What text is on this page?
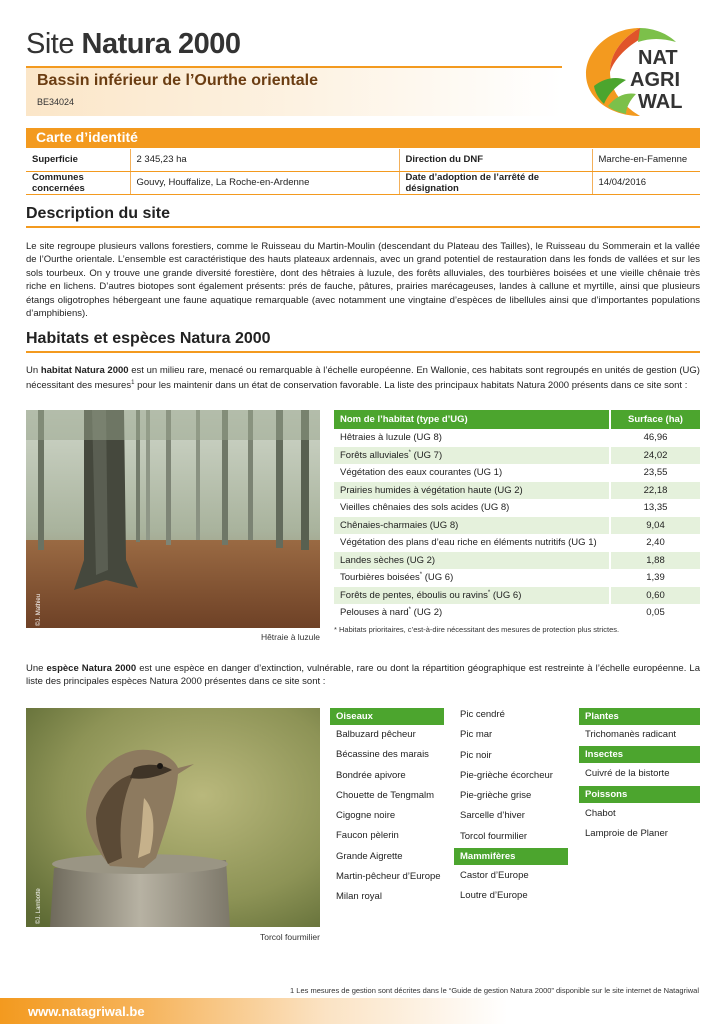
Site Natura 2000
Bassin inférieur de l’Ourthe orientale
BE34024
NAT
AGRI
WAL
Carte d’identité
Superficie	2 345,23 ha	Direction du DNF	Marche-en-Famenne
Communes concernées	Gouvy, Houffalize, La Roche-en-Ardenne	Date d’adoption de l’arrêté de désignation	14/04/2016
Description du site
Le site regroupe plusieurs vallons forestiers, comme le Ruisseau du Martin-Moulin (descendant du Plateau des Tailles), le Ruisseau du Sommerain et la vallée de l’Ourthe orientale. L’ensemble est caractéristique des hauts plateaux ardennais, avec un grand potentiel de restauration dans les fonds de vallées et sur les sols tourbeux. On y trouve une grande diversité forestière, dont des hêtraies à luzule, des forêts alluviales, des tourbières boisées et une vieille chênaie très riche en lichens. D’autres biotopes sont également présents: prés de fauche, pâtures, prairies marécageuses, landes à callune et myrtille, ainsi que plusieurs étangs oligotrophes hébergeant une faune aquatique remarquable (avec notamment une vingtaine d’espèces de libellules ainsi que d’importantes populations d’amphibiens).
Habitats et espèces Natura 2000
Un habitat Natura 2000 est un milieu rare, menacé ou remarquable à l’échelle européenne. En Wallonie, ces habitats sont regroupés en unités de gestion (UG) nécessitant des mesures$^1$ pour les maintenir dans un état de conservation favorable. La liste des principaux habitats Natura 2000 présents dans ce site sont :
©J. Mathieu
Hêtraie à luzule
Nom de l’habitat (type d’UG)	Surface (ha)
Hêtraies à luzule (UG 8)	46,96
Forêts alluviales* (UG 7)	24,02
Végétation des eaux courantes (UG 1)	23,55
Prairies humides à végétation haute (UG 2)	22,18
Vieilles chênaies des sols acides (UG 8)	13,35
Chênaies-charmaies (UG 8)	9,04
Végétation des plans d’eau riche en éléments nutritifs (UG 1)	2,40
Landes sèches (UG 2)	1,88
Tourbières boisées* (UG 6)	1,39
Forêts de pentes, éboulis ou ravins* (UG 6)	0,60
Pelouses à nard* (UG 2)	0,05
* Habitats prioritaires, c’est-à-dire nécessitant des mesures de protection plus strictes.
Une espèce Natura 2000 est une espèce en danger d’extinction, vulnérable, rare ou dont la répartition géographique est restreinte à l’échelle européenne. La liste des principales espèces Natura 2000 présentes dans ce site sont :
©J. Lambotte
Torcol fourmilier
Oiseaux
Balbuzard pêcheur
Bécassine des marais
Bondrée apivore
Chouette de Tengmalm
Cigogne noire
Faucon pèlerin
Grande Aigrette
Martin-pêcheur d’Europe
Milan royal
Pic cendré
Pic mar
Pic noir
Pie-grièche écorcheur
Pie-grièche grise
Sarcelle d’hiver
Torcol fourmilier
Mammifères
Castor d’Europe
Loutre d’Europe
Plantes
Trichomanès radicant
Insectes
Cuivré de la bistorte
Poissons
Chabot
Lamproie de Planer
1 Les mesures de gestion sont décrites dans le “Guide de gestion Natura 2000” disponible sur le site internet de Natagriwal
www.natagriwal.be
